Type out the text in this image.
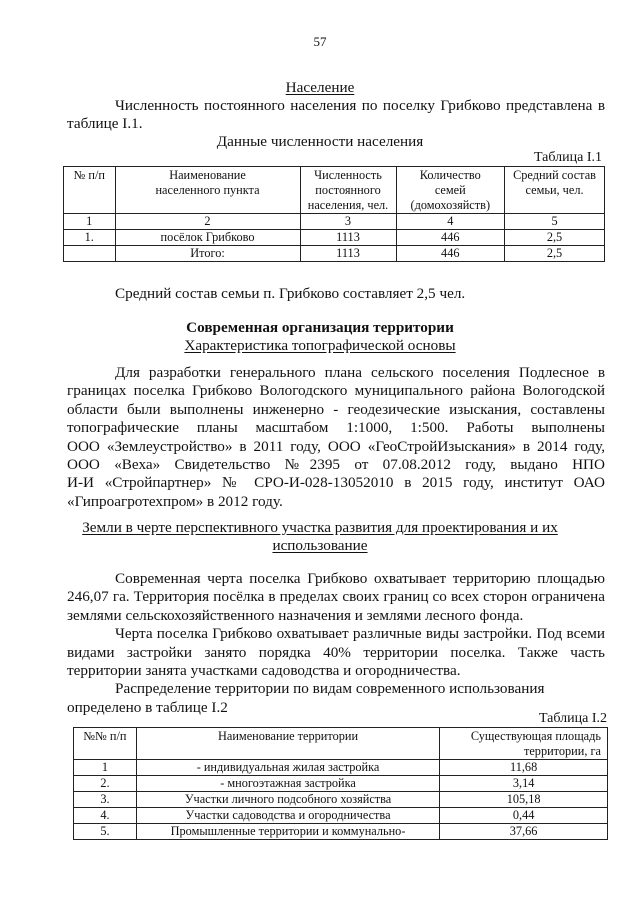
57
Население
Численность постоянного населения по поселку Грибково представлена в
таблице I.1.
Данные численности населения
Таблица I.1
№ п/п	Наименование населенного пункта	Численность постоянного населения, чел.	Количество семей (домохозяйств)	Средний состав семьи, чел.
1	2	3	4	5
1.	посёлок Грибково	1113	446	2,5
	Итого:	1113	446	2,5
Средний состав семьи п. Грибково составляет 2,5 чел.
Современная организация территории
Характеристика топографической основы
Для разработки генерального плана сельского поселения Подлесное в
границах поселка Грибково Вологодского муниципального района Вологодской
области были выполнены инженерно - геодезические изыскания, составлены
топографические планы масштабом 1:1000, 1:500. Работы выполнены
ООО «Землеустройство» в 2011 году, ООО «ГеоСтройИзыскания» в 2014 году,
ООО «Веха» Свидетельство №2395 от 07.08.2012 году, выдано НПО
И-И «Стройпартнер» № СРО-И-028-13052010 в 2015 году, институт ОАО
«Гипроагротехпром» в 2012 году.
Земли в черте перспективного участка развития для проектирования и их
использование
Современная черта поселка Грибково охватывает территорию площадью
246,07 га. Территория посёлка в пределах своих границ со всех сторон ограничена
землями сельскохозяйственного назначения и землями лесного фонда.
Черта поселка Грибково охватывает различные виды застройки. Под всеми
видами застройки занято порядка 40% территории поселка. Также часть
территории занята участками садоводства и огородничества.
Распределение территории по видам современного использования
определено в таблице I.2
Таблица I.2
№№ п/п	Наименование территории	Существующая площадь территории, га
1	- индивидуальная жилая застройка	11,68
2.	- многоэтажная застройка	3,14
3.	Участки личного подсобного хозяйства	105,18
4.	Участки садоводства и огородничества	0,44
5.	Промышленные территории и коммунально-	37,66
